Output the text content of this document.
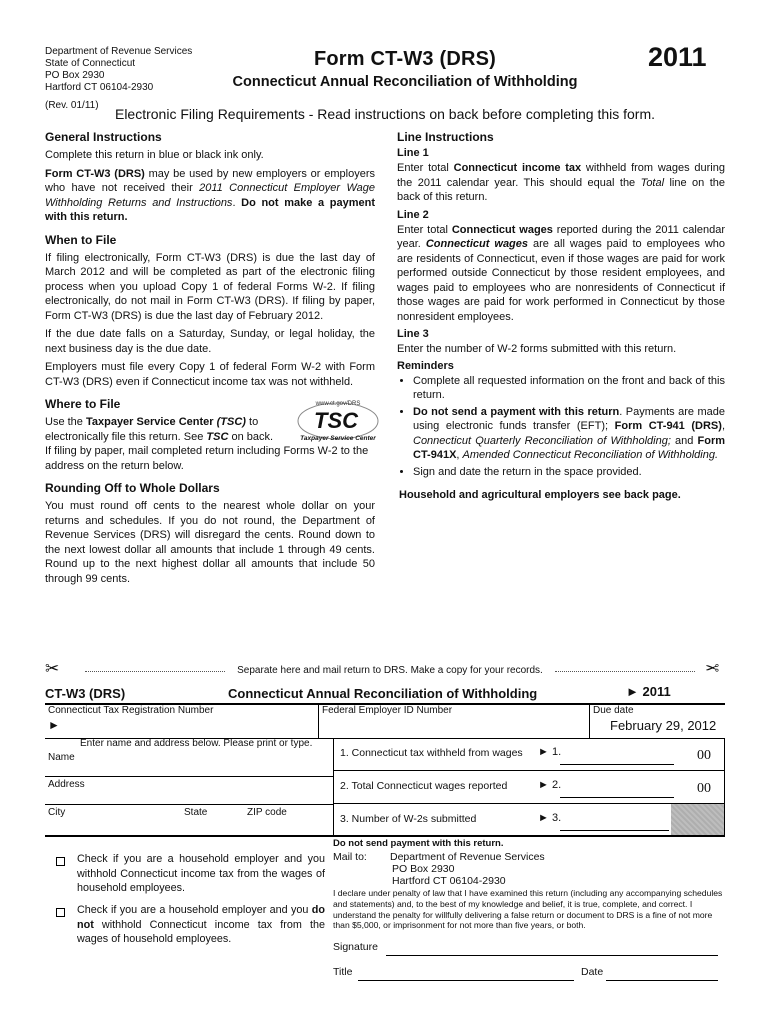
Department of Revenue Services
State of Connecticut
PO Box 2930
Hartford CT 06104-2930
(Rev. 01/11)
Form CT-W3 (DRS)
Connecticut Annual Reconciliation of Withholding
2011
Electronic Filing Requirements - Read instructions on back before completing this form.
General Instructions
Complete this return in blue or black ink only.
Form CT-W3 (DRS) may be used by new employers or employers who have not received their 2011 Connecticut Employer Wage Withholding Returns and Instructions. Do not make a payment with this return.
When to File
If filing electronically, Form CT-W3 (DRS) is due the last day of March 2012 and will be completed as part of the electronic filing process when you upload Copy 1 of federal Forms W-2. If filing electronically, do not mail in Form CT-W3 (DRS). If filing by paper, Form CT-W3 (DRS) is due the last day of February 2012.
If the due date falls on a Saturday, Sunday, or legal holiday, the next business day is the due date.
Employers must file every Copy 1 of federal Form W-2 with Form CT-W3 (DRS) even if Connecticut income tax was not withheld.
Where to File
Use the Taxpayer Service Center (TSC) to electronically file this return. See TSC on back.
If filing by paper, mail completed return including Forms W-2 to the address on the return below.
www.ct.gov/DRS
TSC
Taxpayer Service Center
Rounding Off to Whole Dollars
You must round off cents to the nearest whole dollar on your returns and schedules. If you do not round, the Department of Revenue Services (DRS) will disregard the cents. Round down to the next lowest dollar all amounts that include 1 through 49 cents. Round up to the next highest dollar all amounts that include 50 through 99 cents.
Line Instructions
Line 1
Enter total Connecticut income tax withheld from wages during the 2011 calendar year. This should equal the Total line on the back of this return.
Line 2
Enter total Connecticut wages reported during the 2011 calendar year. Connecticut wages are all wages paid to employees who are residents of Connecticut, even if those wages are paid for work performed outside Connecticut by those resident employees, and wages paid to employees who are nonresidents of Connecticut if those wages are paid for work performed in Connecticut by those nonresident employees.
Line 3
Enter the number of W-2 forms submitted with this return.
Reminders
• Complete all requested information on the front and back of this return.
• Do not send a payment with this return. Payments are made using electronic funds transfer (EFT); Form CT-941 (DRS), Connecticut Quarterly Reconciliation of Withholding; and Form CT-941X, Amended Connecticut Reconciliation of Withholding.
• Sign and date the return in the space provided.
Household and agricultural employers see back page.
✂	Separate here and mail return to DRS. Make a copy for your records.	✂
CT-W3 (DRS)	Connecticut Annual Reconciliation of Withholding	► 2011
Connecticut Tax Registration Number
►
Federal Employer ID Number	Due date
February 29, 2012
Enter name and address below. Please print or type.
Name
Address
City	State	ZIP code
1. Connecticut tax withheld from wages ► 1.	00
2. Total Connecticut wages reported	► 2.	00
3. Number of W-2s submitted	► 3.
Do not send payment with this return.
Mail to: Department of Revenue Services
PO Box 2930
Hartford CT 06104-2930
I declare under penalty of law that I have examined this return (including any accompanying schedules and statements) and, to the best of my knowledge and belief, it is true, complete, and correct. I understand the penalty for willfully delivering a false return or document to DRS is a fine of not more than $5,000, or imprisonment for not more than five years, or both.
Signature
Title	Date
Check if you are a household employer and you withhold Connecticut income tax from the wages of household employees.
Check if you are a household employer and you do not withhold Connecticut income tax from the wages of household employees.
